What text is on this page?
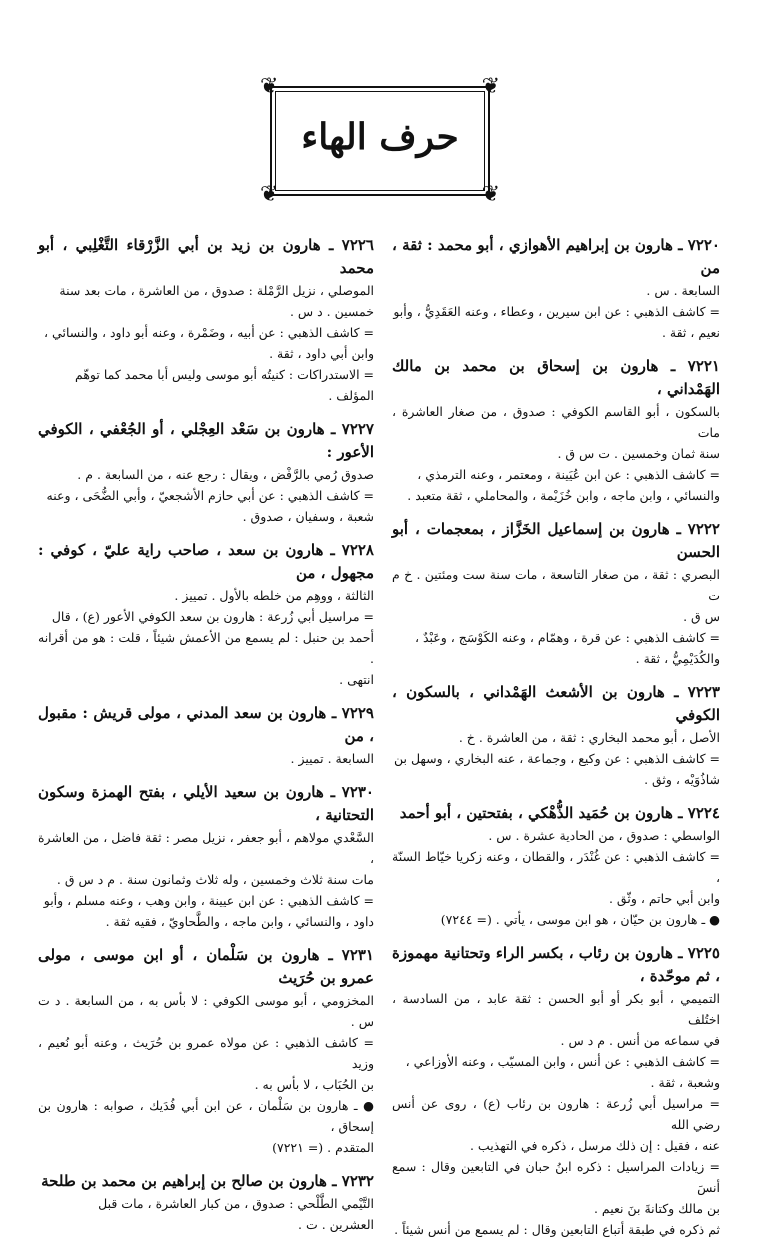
❦	❦
❦	❦
حرف الهاء

٧٢٢٠ ـ هارون بن إبراهيم الأهوازي ، أبو محمد : ثقة ، من

السابعة . س .

= كاشف الذهبي : عن ابن سيرين ، وعطاء ، وعنه العَقَدِيُّ ، وأبو

نعيم ، ثقة .

٧٢٢١ ـ هارون بن إسحاق بن محمد بن مالك الهَمْداني ،

بالسكون ، أبو القاسم الكوفي : صدوق ، من صغار العاشرة ، مات

سنة ثمان وخمسين . ت س ق .

= كاشف الذهبي : عن ابن عُيَينة ، ومعتمر ، وعنه الترمذي ،

والنسائي ، وابن ماجه ، وابن خُزَيْمة ، والمحاملي ، ثقة متعبد .

٧٢٢٢ ـ هارون بن إسماعيل الخَزَّاز ، بمعجمات ، أبو الحسن

البصري : ثقة ، من صغار التاسعة ، مات سنة ست ومئتين . خ م ت

س ق .

= كاشف الذهبي : عن قرة ، وهمّام ، وعنه الكَوْسَج ، وعَبْدٌ ،

والكُدَيْمِيُّ ، ثقة .

٧٢٢٣ ـ هارون بن الأشعث الهَمْداني ، بالسكون ، الكوفي

الأصل ، أبو محمد البخاري : ثقة ، من العاشرة . خ .

= كاشف الذهبي : عن وكيع ، وجماعة ، عنه البخاري ، وسهل بن

شاذُوَيْه ، وثق .

٧٢٢٤ ـ هارون بن حُمَيد الذُّهْكي ، بفتحتين ، أبو أحمد

الواسطي : صدوق ، من الحادية عشرة . س .

= كاشف الذهبي : عن غُنْدَر ، والقطان ، وعنه زكريا خيّاط السنّة ،

وابن أبي حاتم ، وثّق .

● ـ هارون بن حيّان ، هو ابن موسى ، يأتي . (= ٧٢٤٤)

٧٢٢٥ ـ هارون بن رئاب ، بكسر الراء وتحتانية مهموزة ، ثم موحّدة ،

التميمي ، أبو بكر أو أبو الحسن : ثقة عابد ، من السادسة ، اختُلف

في سماعه من أنس . م د س .

= كاشف الذهبي : عن أنس ، وابن المسيّب ، وعنه الأوزاعي ،

وشعبة ، ثقة .

= مراسيل أبي زُرعة : هارون بن رئاب (ع) ، روى عن أنس رضي الله

عنه ، فقيل : إن ذلك مرسل ، ذكره في التهذيب .

= زيادات المراسيل : ذكره ابنُ حبان في التابعين وقال : سمع أنسَ

بن مالك وكتانةَ بنَ نعيم .

ثم ذكره في طبقة أتباع التابعين وقال : لم يسمع من أنس شيئاً .

٧٢٢٦ ـ هارون بن زيد بن أبي الزَّرْقاء التَّغْلِبي ، أبو محمد

الموصلي ، نزيل الرَّمْلة : صدوق ، من العاشرة ، مات بعد سنة

خمسين . د س .

= كاشف الذهبي : عن أبيه ، وضَمْرة ، وعنه أبو داود ، والنسائي ،

وابن أبي داود ، ثقة .

= الاستدراكات : كنيتُه أبو موسى وليس أبا محمد كما توهّم

المؤلف .

٧٢٢٧ ـ هارون بن سَعْد العِجْلي ، أو الجُعْفي ، الكوفي الأعور :

صدوق رُمي بالرَّفْض ، ويقال : رجع عنه ، من السابعة . م .

= كاشف الذهبي : عن أبي حازم الأشجعيّ ، وأبي الضُّحَى ، وعنه

شعبة ، وسفيان ، صدوق .

٧٢٢٨ ـ هارون بن سعد ، صاحب راية عليّ ، كوفي : مجهول ، من

الثالثة ، ووهِم من خلطه بالأول . تمييز .

= مراسيل أبي زُرعة : هارون بن سعد الكوفي الأعور (ع) ، قال

أحمد بن حنبل : لم يسمع من الأعمش شيئاً ، قلت : هو من أقرانه .

انتهى .

٧٢٢٩ ـ هارون بن سعد المدني ، مولى قريش : مقبول ، من

السابعة . تمييز .

٧٢٣٠ ـ هارون بن سعيد الأيلي ، بفتح الهمزة وسكون التحتانية ،

السَّعْدي مولاهم ، أبو جعفر ، نزيل مصر : ثقة فاضل ، من العاشرة ،

مات سنة ثلاث وخمسين ، وله ثلاث وثمانون سنة . م د س ق .

= كاشف الذهبي : عن ابن عيينة ، وابن وهب ، وعنه مسلم ، وأبو

داود ، والنسائي ، وابن ماجه ، والطَّحاويّ ، فقيه ثقة .

٧٢٣١ ـ هارون بن سَلْمان ، أو ابن موسى ، مولى عمرو بن حُرَيث

المخزومي ، أبو موسى الكوفي : لا بأس به ، من السابعة . د ت س .

= كاشف الذهبي : عن مولاه عمرو بن حُرَيث ، وعنه أبو نُعيم ، وزيد

بن الحُبَاب ، لا بأس به .

● ـ هارون بن سَلْمان ، عن ابن أبي فُدَيك ، صوابه : هارون بن إسحاق ،

المتقدم . (= ٧٢٢١)

٧٢٣٢ ـ هارون بن صالح بن إبراهيم بن محمد بن طلحة

التَّيْمي الطَّلْحي : صدوق ، من كبار العاشرة ، مات قبل

العشرين . ت .
